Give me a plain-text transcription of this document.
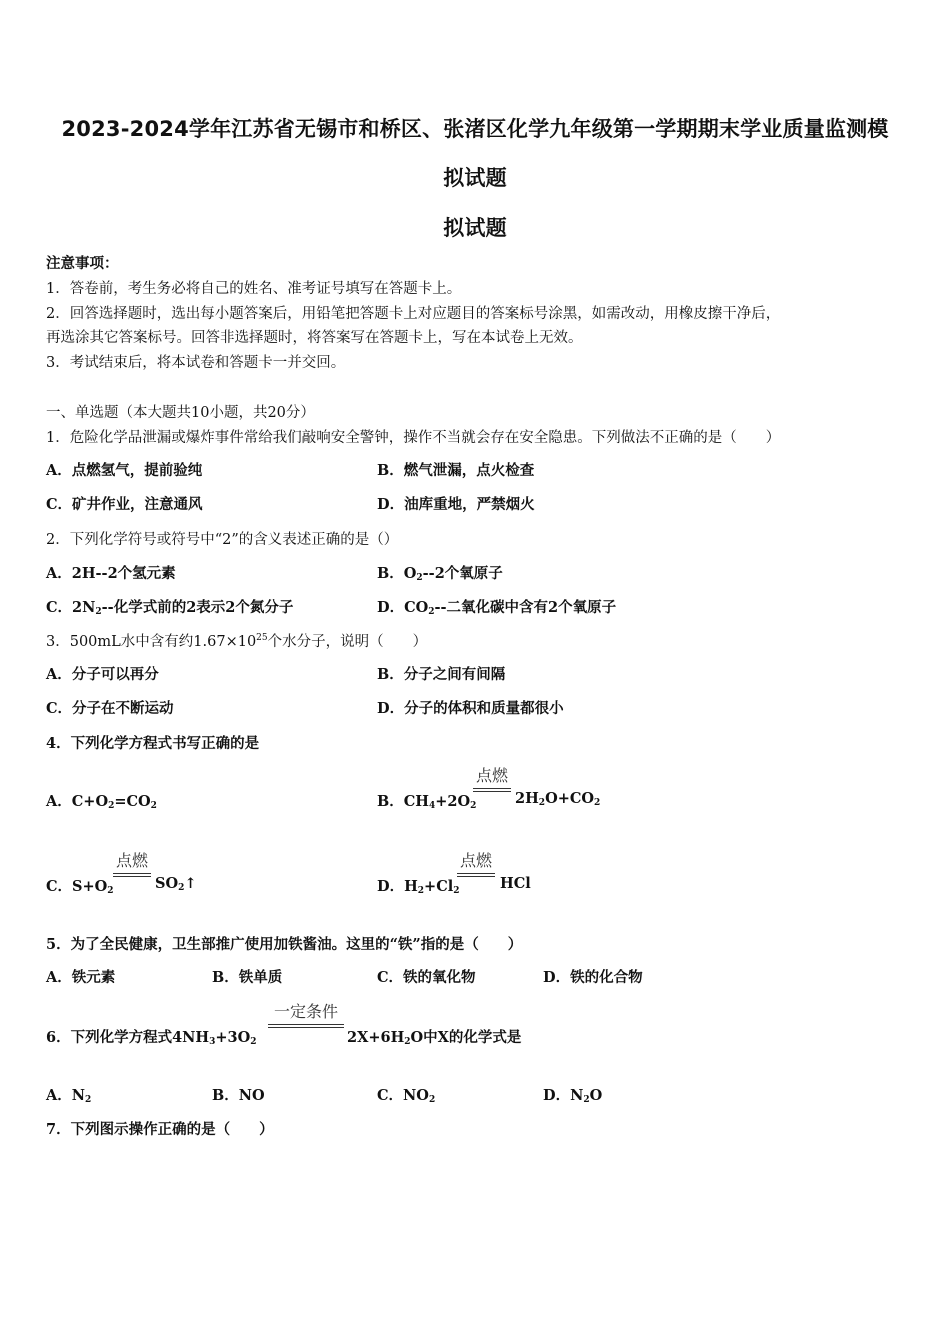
2023-2024学年江苏省无锡市和桥区、张渚区化学九年级第一学期期末学业质量监测模
拟试题
拟试题
注意事项：
1．答卷前，考生务必将自己的姓名、准考证号填写在答题卡上。
2．回答选择题时，选出每小题答案后，用铅笔把答题卡上对应题目的答案标号涂黑，如需改动，用橡皮擦干净后，
再选涂其它答案标号。回答非选择题时，将答案写在答题卡上，写在本试卷上无效。
3．考试结束后，将本试卷和答题卡一并交回。
一、单选题（本大题共10小题，共20分）
1．危险化学品泄漏或爆炸事件常给我们敲响安全警钟，操作不当就会存在安全隐患。下列做法不正确的是（　　）
A．点燃氢气，提前验纯	B．燃气泄漏，点火检查
C．矿井作业，注意通风	D．油库重地，严禁烟火
2．下列化学符号或符号中“2”的含义表述正确的是（）
A．2H--2个氢元素	B．$O_2--2$个氧原子
C．$2N_2--$化学式前的2表示2个氮分子	D．$CO_2--$二氧化碳中含有2个氧原子
3．500mL水中含有约$1.67\times 10^{25}$个水分子，说明（　　）
A．分子可以再分	B．分子之间有间隔
C．分子在不断运动	D．分子的体积和质量都很小
4．下列化学方程式书写正确的是
A．$C+O_2=CO_2$	B．$CH_4+2O_2$
点燃
$2H_2O+CO_2$
C．$S+O_2$
点燃
$SO_2↑$	D．$H_2+Cl_2$
点燃
HCl
5．为了全民健康，卫生部推广使用加铁酱油。这里的“铁”指的是（　　）
A．铁元素	B．铁单质	C．铁的氧化物	D．铁的化合物
6．下列化学方程式$4NH_3+3O_2$
一定条件
$2X+6H_2O$中X的化学式是
A．$N_2$	B．NO	C．$NO_2$	D．$N_2O$
7．下列图示操作正确的是（　　）
